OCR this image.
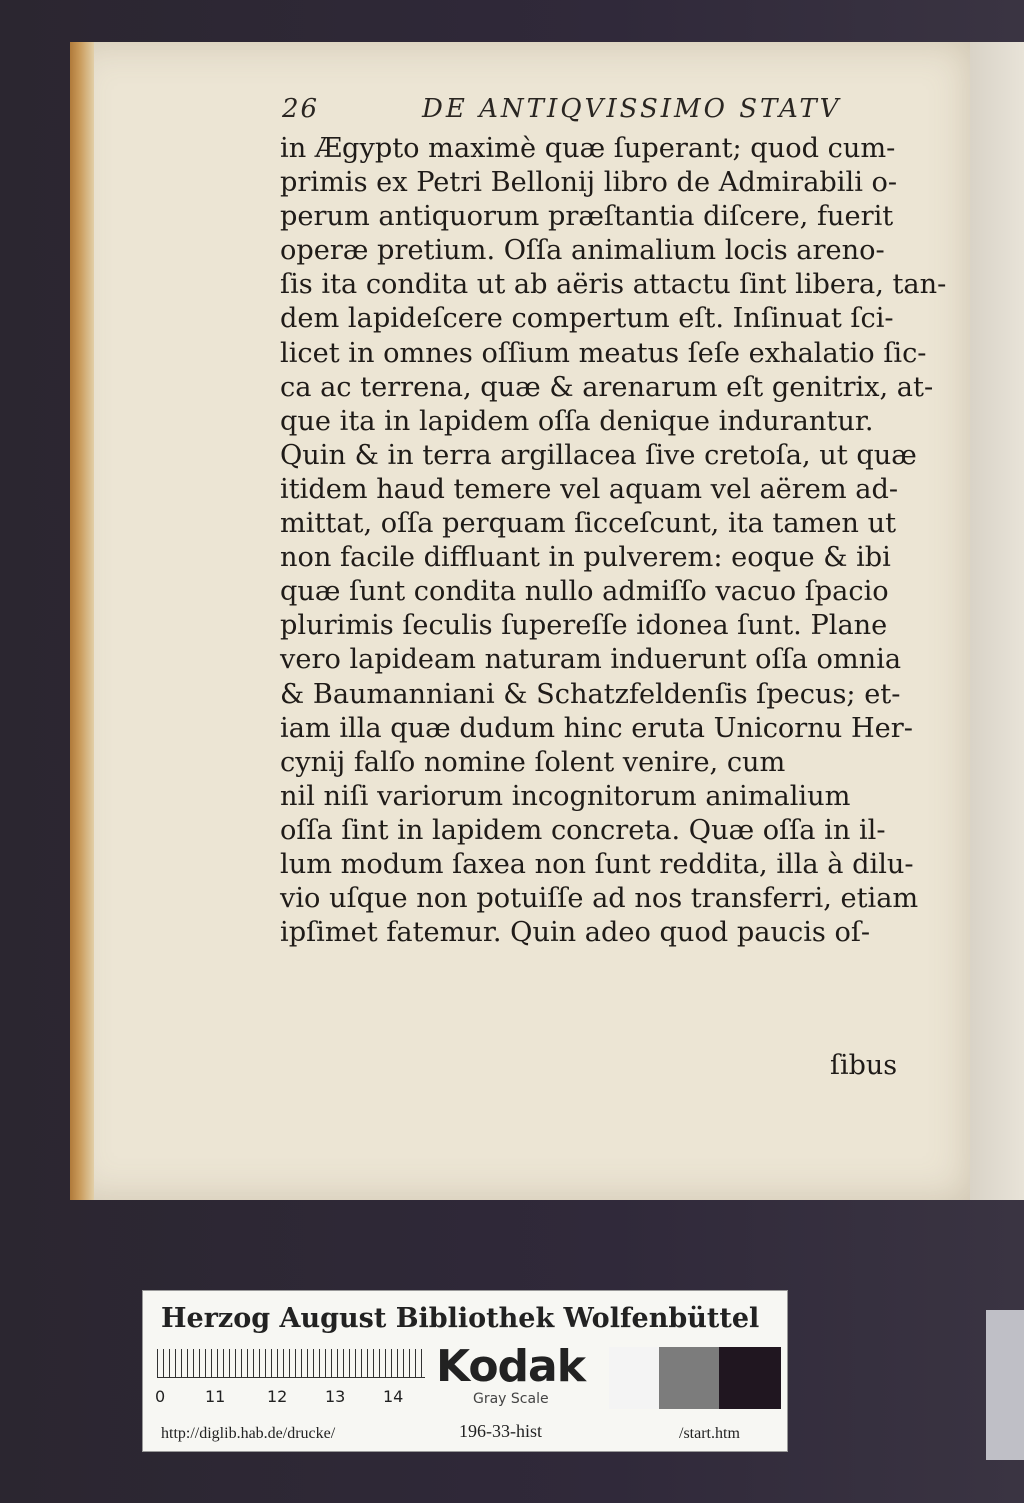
26	DE ANTIQVISSIMO STATV
in Ægypto maximè quæ ſuperant; quod cum-
primis ex Petri Bellonij libro de Admirabili o-
perum antiquorum præſtantia diſcere, fuerit
operæ pretium. Oſſa animalium locis areno-
ſis ita condita ut ab aëris attactu ſint libera, tan-
dem lapideſcere compertum eſt. Inſinuat ſci-
licet in omnes oſſium meatus ſeſe exhalatio ſic-
ca ac terrena, quæ & arenarum eſt genitrix, at-
que ita in lapidem oſſa denique indurantur.
Quin & in terra argillacea ſive cretoſa, ut quæ
itidem haud temere vel aquam vel aërem ad-
mittat, oſſa perquam ſicceſcunt, ita tamen ut
non facile diffluant in pulverem: eoque & ibi
quæ ſunt condita nullo admiſſo vacuo ſpacio
plurimis ſeculis ſupereſſe idonea ſunt. Plane
vero lapideam naturam induerunt oſſa omnia
& Baumanniani & Schatzfeldenſis ſpecus; et-
iam illa quæ dudum hinc eruta Unicornu Her-
cynij falſo nomine ſolent venire, cum
nil niſi variorum incognitorum animalium
oſſa ſint in lapidem concreta. Quæ oſſa in il-
lum modum ſaxea non ſunt reddita, illa à dilu-
vio uſque non potuiſſe ad nos transferri, etiam
ipſimet fatemur. Quin adeo quod paucis oſ-
ſibus
Herzog August Bibliothek Wolfenbüttel
0 11	12 13 14
Kodak
Gray Scale
http://diglib.hab.de/drucke/	196-33-hist	/start.htm
